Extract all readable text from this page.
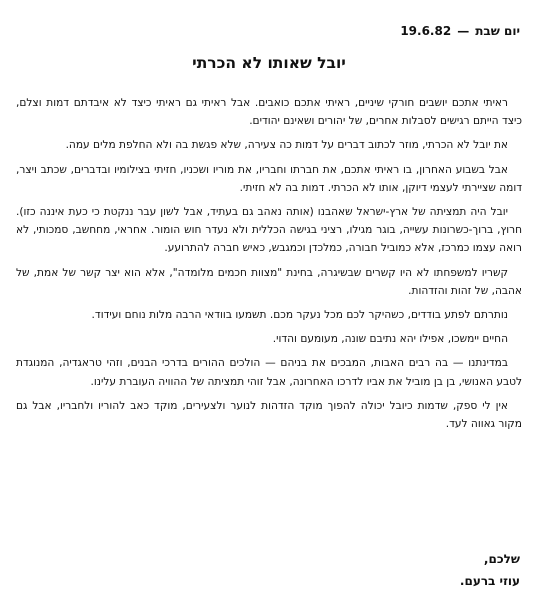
יום שבת—19.6.82
יובל שאותו לא הכרתי

ראיתי אתכם יושבים חורקי שיניים, ראיתי אתכם כואבים. אבל ראיתי גם ראיתי כיצד לא איבדתם דמות וצלם, כיצד הייתם רגישים לסבלות אחרים, של יהורים ושאינם יהודים.

את יובל לא הכרתי, מוזר לכתוב דברים על דמות כה צעירה, שלא פגשת בה ולא החלפת מלים עמה.

אבל בשבוע האחרון, בו ראיתי אתכם, את חברתו וחבריו, את מוריו ושכניו, חזיתי בצילומיו ובדברים, שכתב ויצר, דומה שציירתי לעצמי דיוקן, אותו לא הכרתי. דמות בה לא חזיתי.

יובל היה תמציתה של ארץ-ישראל שאהבנו (אותה נאהב גם בעתיד, אבל לשון עבר ננקטת כי כעת איננה כזו). חרוץ, ברוך-כשרונות עשייה, בוגר מגילו, רציני בגישה הכללית ולא נעדר חוש הומור. אחראי, מחחשב, סמכותי, לא רואה עצמו כמרכז, אלא כמוביל חבורה, כמלכדן וכמגבש, כאיש חברה להתרועע.

קשריו למשפחתו לא היו קשרים שבשיגרה, בחינת "מצוות חכמים מלומדה", אלא הוא יצר קשר של אמת, של אהבה, של זהות והזדהות.

נותרתם לפתע בודדים, כשהיקר לכם מכל נעקר מכם. תשמעו בוודאי הרבה מלות נוחם ועידוד.

החיים יימשכו, אפילו יהא נתיבם שונה, מעומעם והדוי.

במדינתנו — בה רבים האבות, המבכים את בניהם — הולכים ההורים בדרכי הבנים, וזהי טראגדיה, המנוגדת לטבע האנושי, בן בן מוביל את אביו לדרכו האחרונה, אבל זוהי תמציתה של ההוויה העוברת עלינו.

אין לי ספק, שדמות כיובל יכולה להפוך מוקד הזדהות לנוער ולצעירים, מוקד כאב להוריו ולחבריו, אבל גם מקור גאווה לעד.

שלכם,
עוזי ברעם.
